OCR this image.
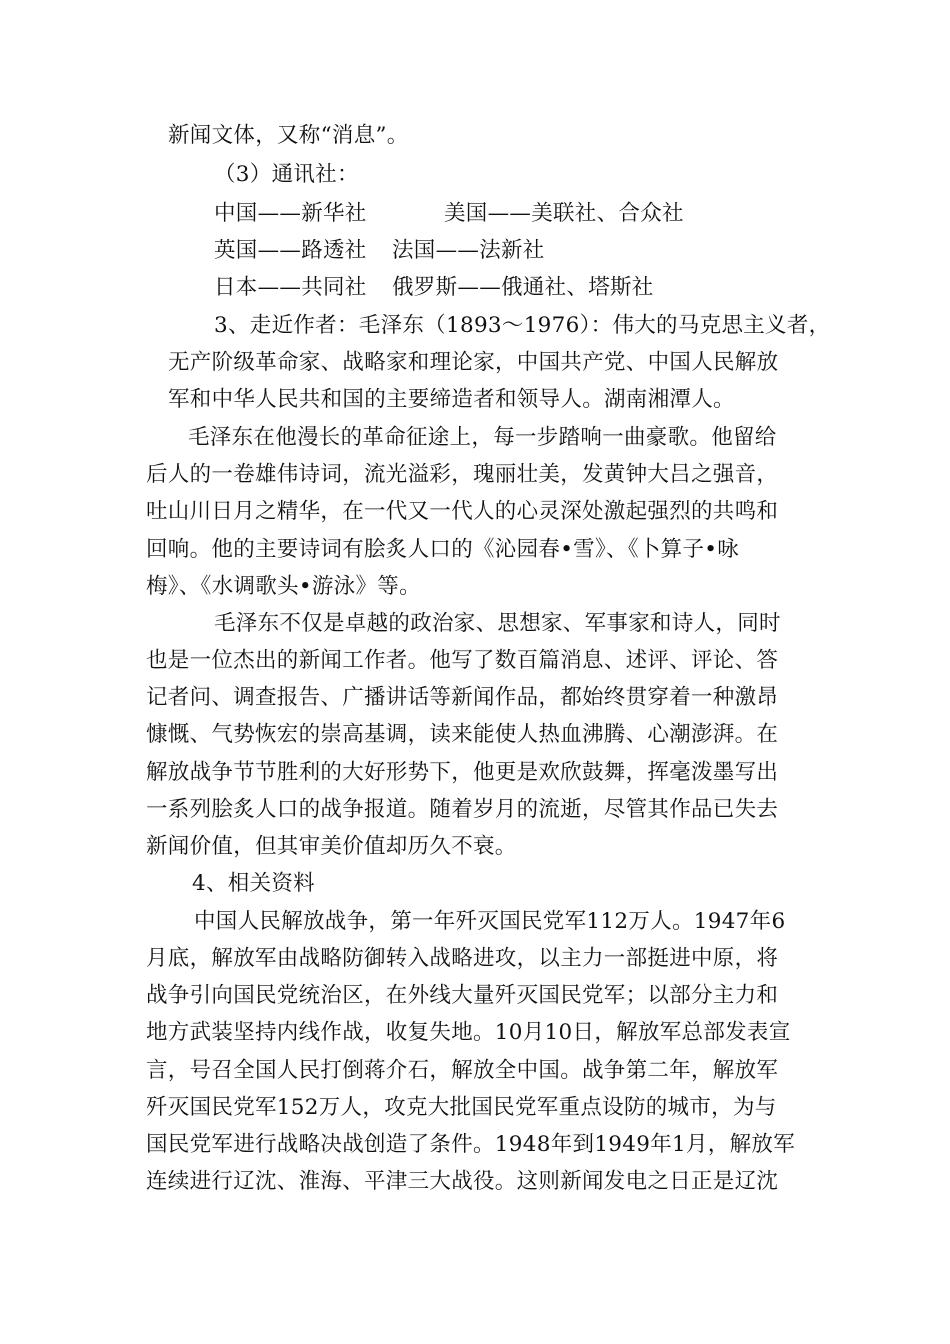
新闻文体，又称“消息”。
（3）通讯社：
中国——新华社	美国——美联社、合众社
英国——路透社 法国——法新社
日本——共同社 俄罗斯——俄通社、塔斯社
3、走近作者：毛泽东（1893～1976）：伟大的马克思主义者，
无产阶级革命家、战略家和理论家，中国共产党、中国人民解放
军和中华人民共和国的主要缔造者和领导人。湖南湘潭人。
毛泽东在他漫长的革命征途上，每一步踏响一曲豪歌。他留给
后人的一卷雄伟诗词，流光溢彩，瑰丽壮美，发黄钟大吕之强音，
吐山川日月之精华，在一代又一代人的心灵深处激起强烈的共鸣和
回响。他的主要诗词有脍炙人口的《沁园春•雪》、《卜算子•咏
梅》、《水调歌头•游泳》等。
毛泽东不仅是卓越的政治家、思想家、军事家和诗人，同时
也是一位杰出的新闻工作者。他写了数百篇消息、述评、评论、答
记者问、调查报告、广播讲话等新闻作品，都始终贯穿着一种激昂
慷慨、气势恢宏的崇高基调，读来能使人热血沸腾、心潮澎湃。在
解放战争节节胜利的大好形势下，他更是欢欣鼓舞，挥毫泼墨写出
一系列脍炙人口的战争报道。随着岁月的流逝，尽管其作品已失去
新闻价值，但其审美价值却历久不衰。
4、相关资料
中国人民解放战争，第一年歼灭国民党军112万人。1947年6
月底，解放军由战略防御转入战略进攻，以主力一部挺进中原，将
战争引向国民党统治区，在外线大量歼灭国民党军；以部分主力和
地方武装坚持内线作战，收复失地。10月10日，解放军总部发表宣
言，号召全国人民打倒蒋介石，解放全中国。战争第二年，解放军
歼灭国民党军152万人，攻克大批国民党军重点设防的城市，为与
国民党军进行战略决战创造了条件。1948年到1949年1月，解放军
连续进行辽沈、淮海、平津三大战役。这则新闻发电之日正是辽沈
